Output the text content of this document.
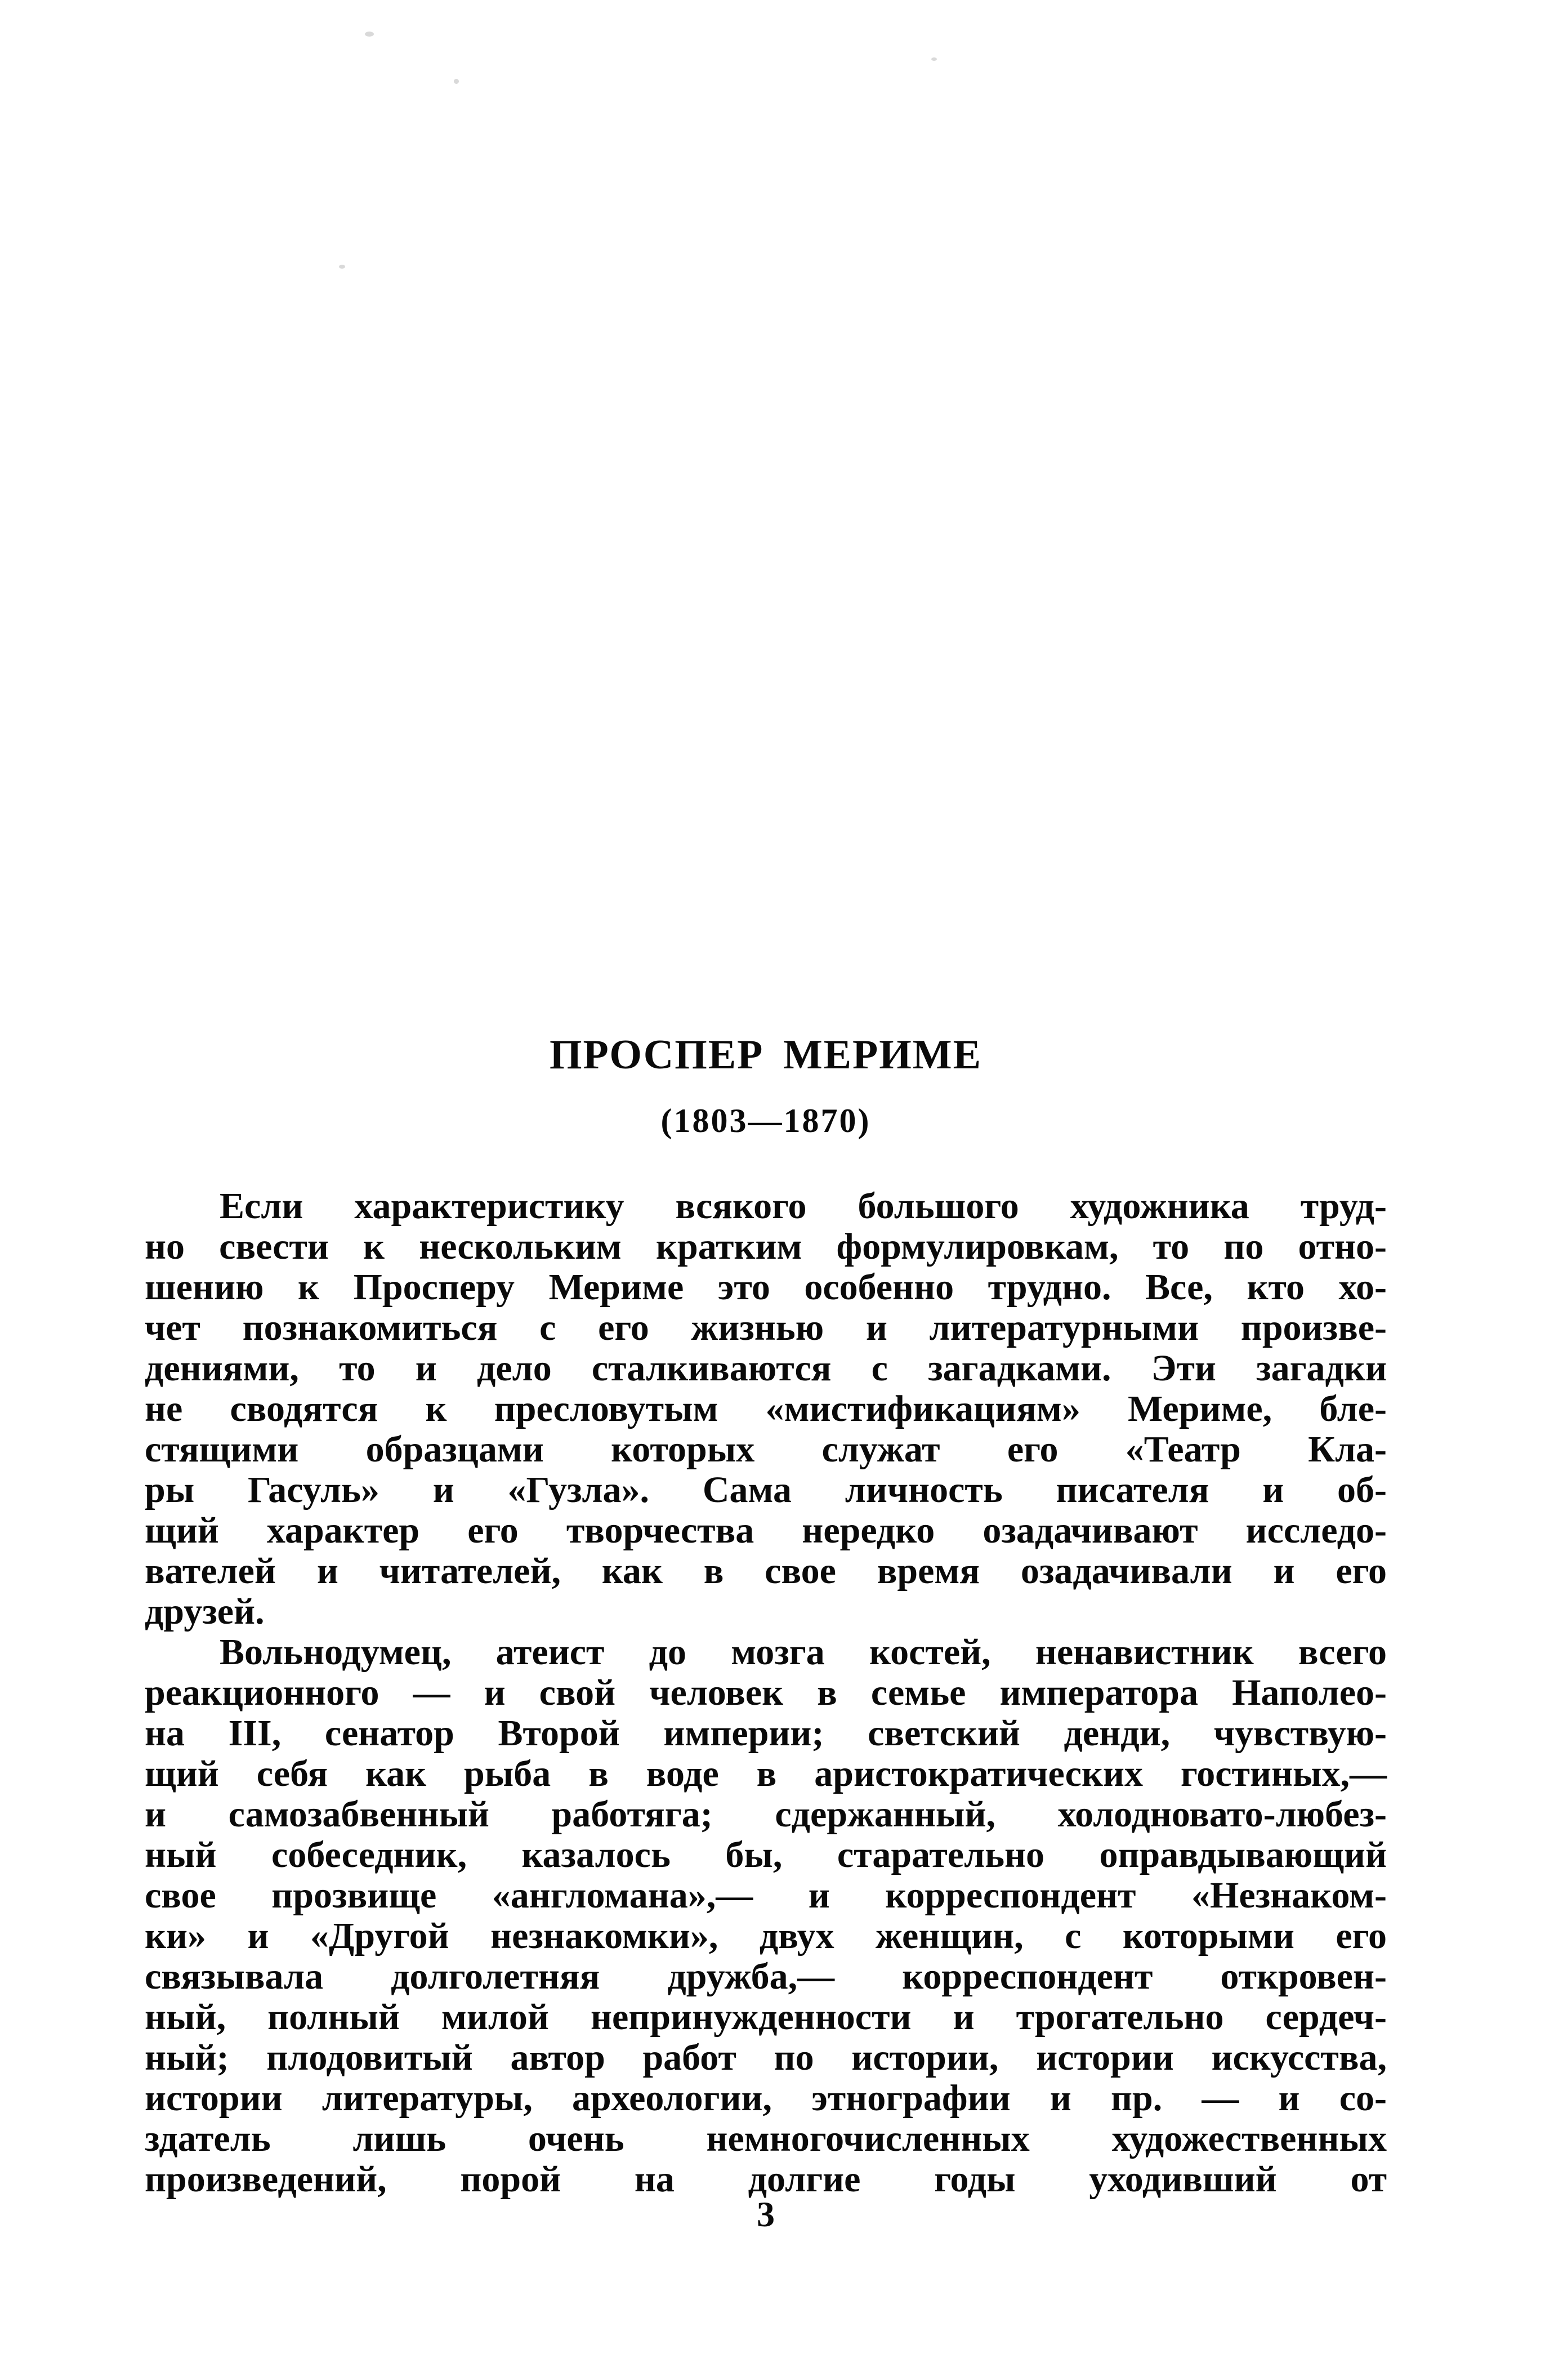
ПРОСПЕР МЕРИМЕ
(1803—1870)

Если характеристику всякого большого художника труд-
но свести к нескольким кратким формулировкам, то по отно-
шению к Просперу Мериме это особенно трудно. Все, кто хо-
чет познакомиться с его жизнью и литературными произве-
дениями, то и дело сталкиваются с загадками. Эти загадки
не сводятся к пресловутым «мистификациям» Мериме, бле-
стящими образцами которых служат его «Театр Кла-
ры Гасуль» и «Гузла». Сама личность писателя и об-
щий характер его творчества нередко озадачивают исследо-
вателей и читателей, как в свое время озадачивали и его
друзей.

Вольнодумец, атеист до мозга костей, ненавистник всего
реакционного — и свой человек в семье императора Наполео-
на III, сенатор Второй империи; светский денди, чувствую-
щий себя как рыба в воде в аристократических гостиных,—
и самозабвенный работяга; сдержанный, холодновато-любез-
ный собеседник, казалось бы, старательно оправдывающий
свое прозвище «англомана»,— и корреспондент «Незнаком-
ки» и «Другой незнакомки», двух женщин, с которыми его
связывала долголетняя дружба,— корреспондент откровен-
ный, полный милой непринужденности и трогательно сердеч-
ный; плодовитый автор работ по истории, истории искусства,
истории литературы, археологии, этнографии и пр. — и со-
здатель лишь очень немногочисленных художественных
произведений, порой на долгие годы уходивший от

3
